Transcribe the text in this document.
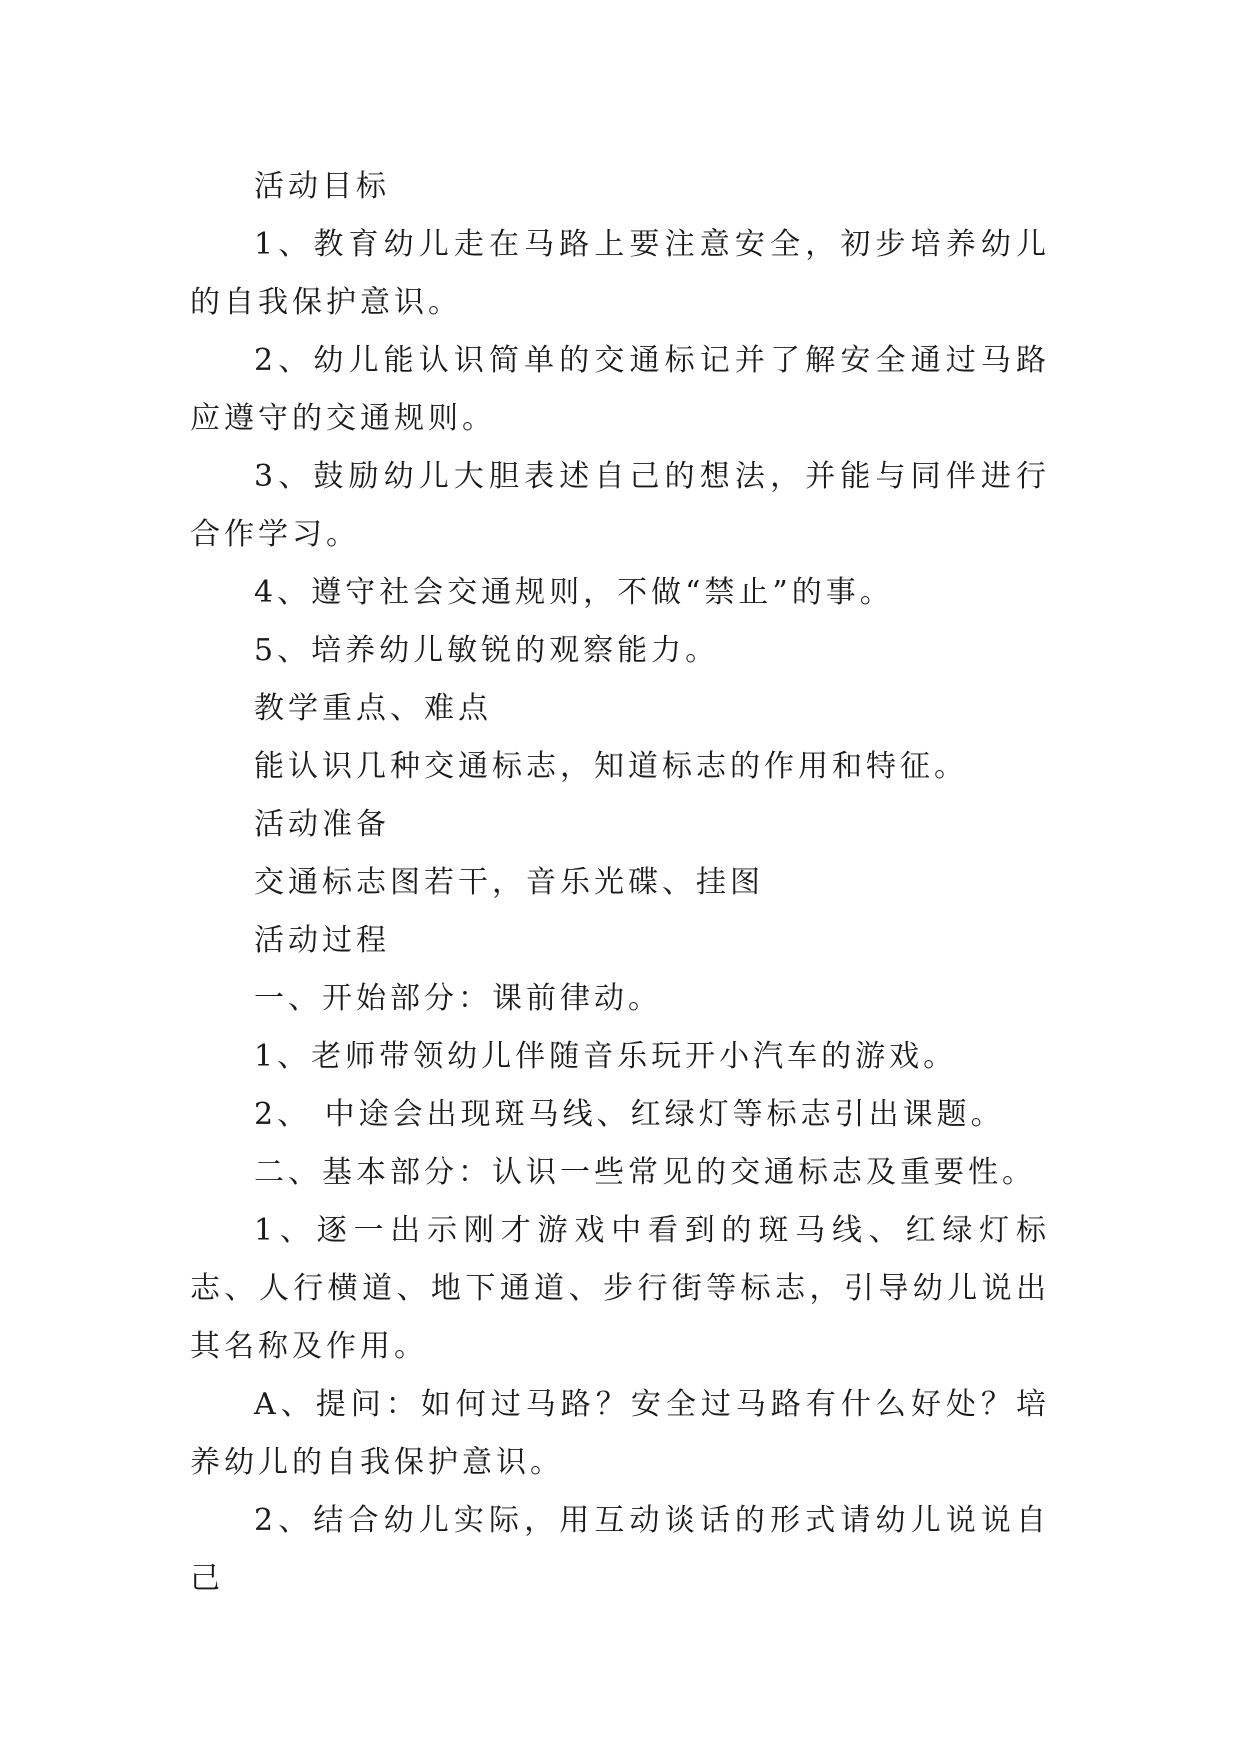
活动目标

1、教育幼儿走在马路上要注意安全，初步培养幼儿的自我保护意识。

2、幼儿能认识简单的交通标记并了解安全通过马路应遵守的交通规则。

3、鼓励幼儿大胆表述自己的想法，并能与同伴进行合作学习。

4、遵守社会交通规则，不做“禁止”的事。

5、培养幼儿敏锐的观察能力。

教学重点、难点

能认识几种交通标志，知道标志的作用和特征。

活动准备

交通标志图若干，音乐光碟、挂图

活动过程

一、开始部分：课前律动。

1、老师带领幼儿伴随音乐玩开小汽车的游戏。

2、 中途会出现斑马线、红绿灯等标志引出课题。

二、基本部分：认识一些常见的交通标志及重要性。

1、逐一出示刚才游戏中看到的斑马线、红绿灯标志、人行横道、地下通道、步行街等标志，引导幼儿说出其名称及作用。

A、提问：如何过马路？安全过马路有什么好处？培养幼儿的自我保护意识。

2、结合幼儿实际，用互动谈话的形式请幼儿说说自己
